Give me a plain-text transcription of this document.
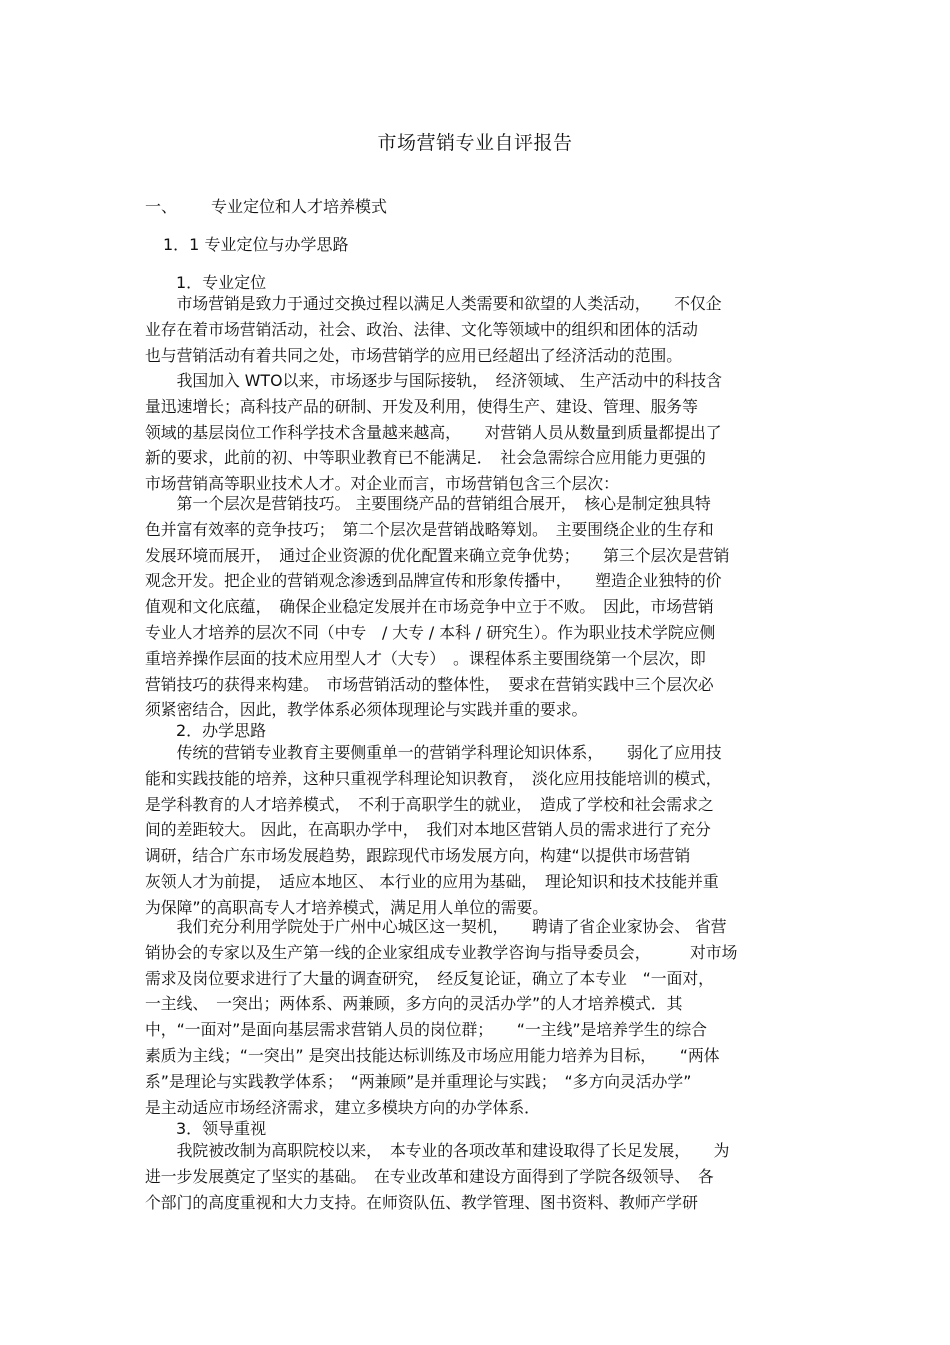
市场营销专业自评报告
一、 专业定位和人才培养模式
1．1 专业定位与办学思路
1．专业定位
　　市场营销是致力于通过交换过程以满足人类需要和欲望的人类活动，　　不仅企
业存在着市场营销活动，社会、政治、法律、文化等领域中的组织和团体的活动
也与营销活动有着共同之处，市场营销学的应用已经超出了经济活动的范围。
　　我国加入 WTO以来，市场逐步与国际接轨，　经济领域、 生产活动中的科技含
量迅速增长；高科技产品的研制、开发及利用，使得生产、建设、管理、服务等
领域的基层岗位工作科学技术含量越来越高，　　对营销人员从数量到质量都提出了
新的要求，此前的初、中等职业教育已不能满足．　社会急需综合应用能力更强的
市场营销高等职业技术人才。对企业而言，市场营销包含三个层次：
　　第一个层次是营销技巧。 主要围绕产品的营销组合展开，　核心是制定独具特
色并富有效率的竞争技巧；　第二个层次是营销战略筹划。　主要围绕企业的生存和
发展环境而展开，　通过企业资源的优化配置来确立竞争优势；　　第三个层次是营销
观念开发。把企业的营销观念渗透到品牌宣传和形象传播中，　　塑造企业独特的价
值观和文化底蕴，　确保企业稳定发展并在市场竞争中立于不败。　因此，市场营销
专业人才培养的层次不同（中专　/ 大专 / 本科 / 研究生）。作为职业技术学院应侧
重培养操作层面的技术应用型人才（大专）　。课程体系主要围绕第一个层次，即
营销技巧的获得来构建。　市场营销活动的整体性，　要求在营销实践中三个层次必
须紧密结合，因此，教学体系必须体现理论与实践并重的要求。
2．办学思路
　　传统的营销专业教育主要侧重单一的营销学科理论知识体系，　　弱化了应用技
能和实践技能的培养，这种只重视学科理论知识教育，　淡化应用技能培训的模式，
是学科教育的人才培养模式，　不利于高职学生的就业，　造成了学校和社会需求之
间的差距较大。 因此，在高职办学中，　我们对本地区营销人员的需求进行了充分
调研，结合广东市场发展趋势，跟踪现代市场发展方向，构建“以提供市场营销
灰领人才为前提，　适应本地区、 本行业的应用为基础，　理论知识和技术技能并重
为保障”的高职高专人才培养模式，满足用人单位的需要。
　　我们充分利用学院处于广州中心城区这一契机，　　聘请了省企业家协会、 省营
销协会的专家以及生产第一线的企业家组成专业教学咨询与指导委员会，　　　对市场
需求及岗位要求进行了大量的调查研究，　经反复论证，确立了本专业　“一面对，
一主线、　一突出；两体系、两兼顾，多方向的灵活办学”的人才培养模式．其
中，“一面对”是面向基层需求营销人员的岗位群；　　“一主线”是培养学生的综合
素质为主线；“一突出” 是突出技能达标训练及市场应用能力培养为目标，　　“两体
系”是理论与实践教学体系；　“两兼顾”是并重理论与实践；　“多方向灵活办学”
是主动适应市场经济需求，建立多模块方向的办学体系．
3．领导重视
　　我院被改制为高职院校以来，　本专业的各项改革和建设取得了长足发展，　　为
进一步发展奠定了坚实的基础。　在专业改革和建设方面得到了学院各级领导、　各
个部门的高度重视和大力支持。在师资队伍、教学管理、图书资料、教师产学研
